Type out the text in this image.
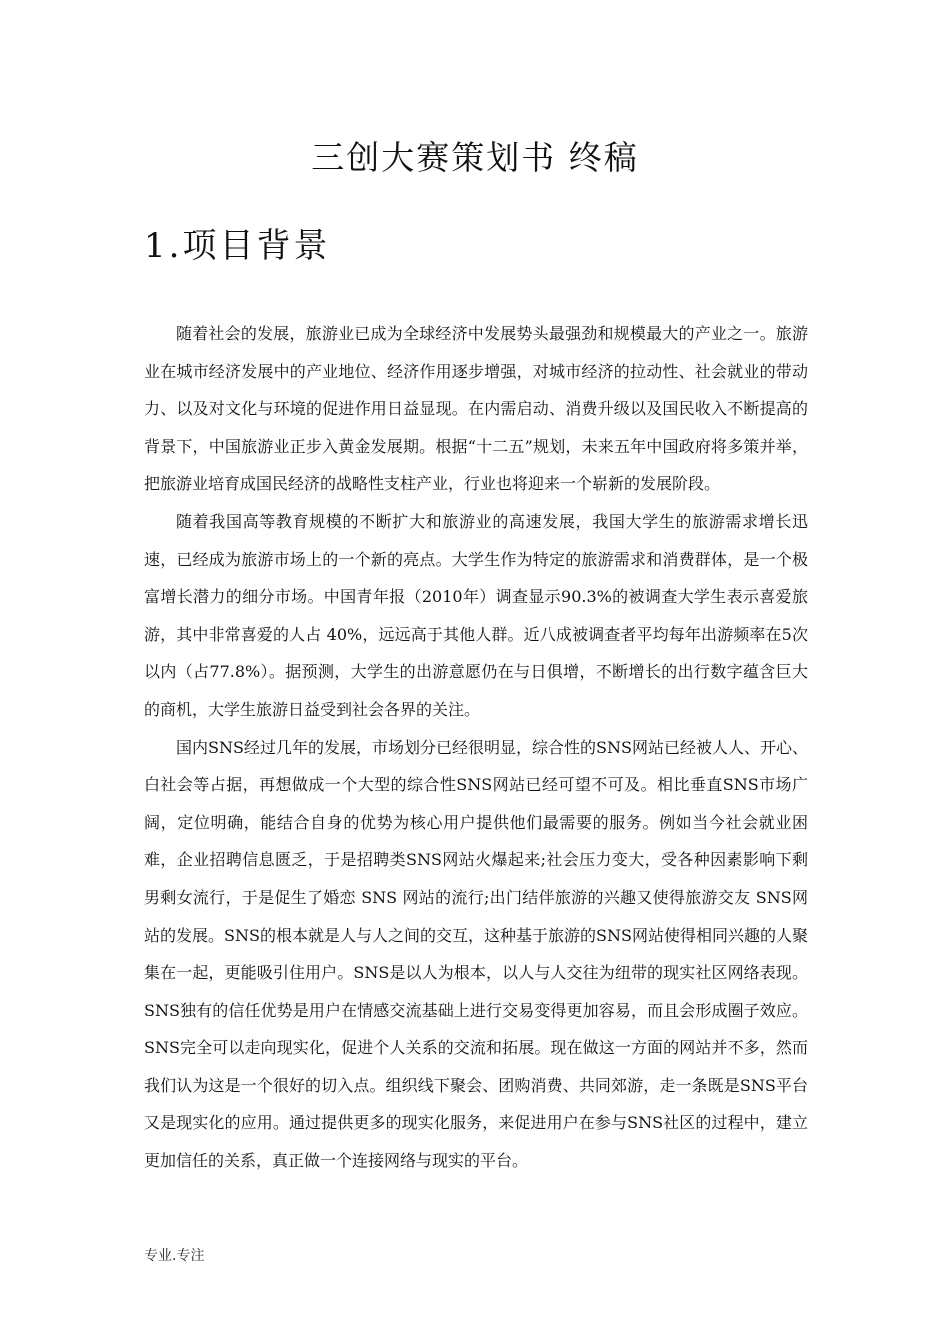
三创大赛策划书 终稿
1.项目背景

随着社会的发展，旅游业已成为全球经济中发展势头最强劲和规模最大的产业之一。旅游业在城市经济发展中的产业地位、经济作用逐步增强，对城市经济的拉动性、社会就业的带动力、以及对文化与环境的促进作用日益显现。在内需启动、消费升级以及国民收入不断提高的背景下，中国旅游业正步入黄金发展期。根据“十二五”规划，未来五年中国政府将多策并举，把旅游业培育成国民经济的战略性支柱产业，行业也将迎来一个崭新的发展阶段。

随着我国高等教育规模的不断扩大和旅游业的高速发展，我国大学生的旅游需求增长迅速，已经成为旅游市场上的一个新的亮点。大学生作为特定的旅游需求和消费群体，是一个极富增长潜力的细分市场。中国青年报（2010年）调查显示90.3%的被调查大学生表示喜爱旅游，其中非常喜爱的人占 40%，远远高于其他人群。近八成被调查者平均每年出游频率在5次以内（占77.8%）。据预测，大学生的出游意愿仍在与日俱增，不断增长的出行数字蕴含巨大的商机，大学生旅游日益受到社会各界的关注。

国内SNS经过几年的发展，市场划分已经很明显，综合性的SNS网站已经被人人、开心、白社会等占据，再想做成一个大型的综合性SNS网站已经可望不可及。相比垂直SNS市场广阔，定位明确，能结合自身的优势为核心用户提供他们最需要的服务。例如当今社会就业困难，企业招聘信息匮乏，于是招聘类SNS网站火爆起来;社会压力变大，受各种因素影响下剩男剩女流行，于是促生了婚恋 SNS 网站的流行;出门结伴旅游的兴趣又使得旅游交友 SNS网站的发展。SNS的根本就是人与人之间的交互，这种基于旅游的SNS网站使得相同兴趣的人聚集在一起，更能吸引住用户。SNS是以人为根本，以人与人交往为纽带的现实社区网络表现。SNS独有的信任优势是用户在情感交流基础上进行交易变得更加容易，而且会形成圈子效应。SNS完全可以走向现实化，促进个人关系的交流和拓展。现在做这一方面的网站并不多，然而我们认为这是一个很好的切入点。组织线下聚会、团购消费、共同郊游，走一条既是SNS平台又是现实化的应用。通过提供更多的现实化服务，来促进用户在参与SNS社区的过程中，建立更加信任的关系，真正做一个连接网络与现实的平台。

专业.专注
